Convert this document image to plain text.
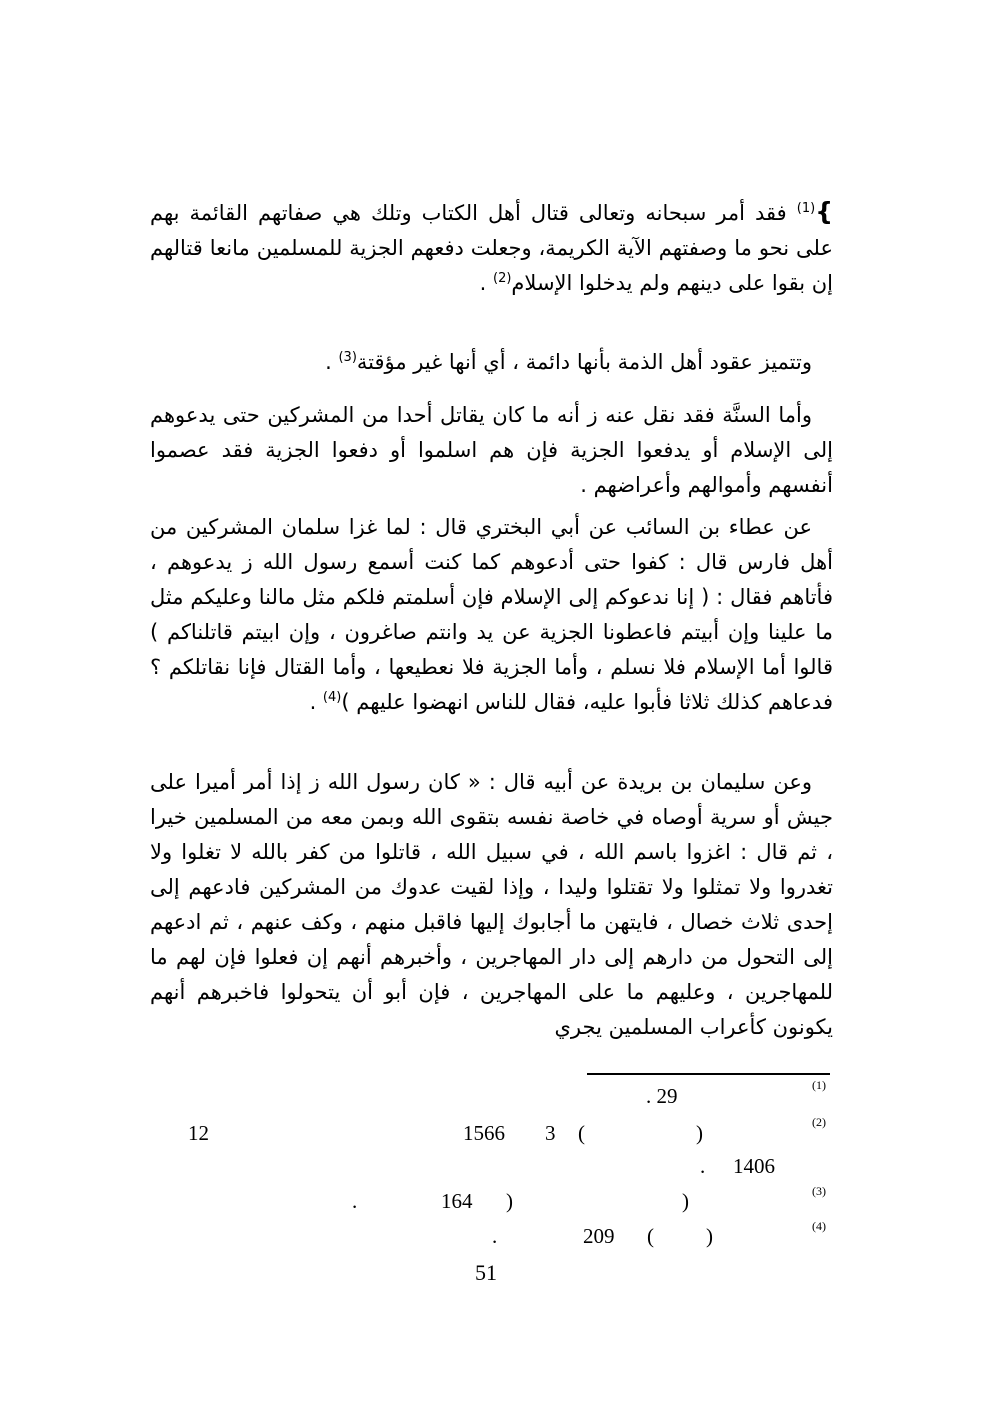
}$^{(1)}$ فقد أمر سبحانه وتعالى قتال أهل الكتاب وتلك هي صفاتهم القائمة بهم على نحو ما وصفتهم الآية الكريمة، وجعلت دفعهم الجزية للمسلمين مانعا قتالهم إن بقوا على دينهم ولم يدخلوا الإسلام$^{(2)}$ .
وتتميز عقود أهل الذمة بأنها دائمة ، أي أنها غير مؤقتة$^{(3)}$ .
وأما السنَّة فقد نقل عنه ز أنه ما كان يقاتل أحدا من المشركين حتى يدعوهم إلى الإسلام أو يدفعوا الجزية فإن هم اسلموا أو دفعوا الجزية فقد عصموا أنفسهم وأموالهم وأعراضهم .
عن عطاء بن السائب عن أبي البختري قال : لما غزا سلمان المشركين من أهل فارس قال : كفوا حتى أدعوهم كما كنت أسمع رسول الله ز يدعوهم ، فأتاهم فقال : ( إنا ندعوكم إلى الإسلام فإن أسلمتم فلكم مثل مالنا وعليكم مثل ما علينا وإن أبيتم فاعطونا الجزية عن يد وانتم صاغرون ، وإن ابيتم قاتلناكم ) قالوا أما الإسلام فلا نسلم ، وأما الجزية فلا نعطيعها ، وأما القتال فإنا نقاتلكم ؟ فدعاهم كذلك ثلاثا فأبوا عليه، فقال للناس انهضوا عليهم )$^{(4)}$ .
وعن سليمان بن بريدة عن أبيه قال : « كان رسول الله ز إذا أمر أميرا على جيش أو سرية أوصاه في خاصة نفسه بتقوى الله وبمن معه من المسلمين خيرا ، ثم قال : اغزوا باسم الله ، في سبيل الله ، قاتلوا من كفر بالله لا تغلوا ولا تغدروا ولا تمثلوا ولا تقتلوا وليدا ، وإذا لقيت عدوك من المشركين فادعهم إلى إحدى ثلاث خصال ، فايتهن ما أجابوك إليها فاقبل منهم ، وكف عنهم ، ثم ادعهم إلى التحول من دارهم إلى دار المهاجرين ، وأخبرهم أنهم إن فعلوا فإن لهم ما للمهاجرين ، وعليهم ما على المهاجرين ، فإن أبو أن يتحولوا فاخبرهم أنهم يكونون كأعراب المسلمين يجري
(1)
. 29
(2)
)
(
3
1566
12
1406
.
(3)
)
)
164
.
(4)
)
(
209
.
51
